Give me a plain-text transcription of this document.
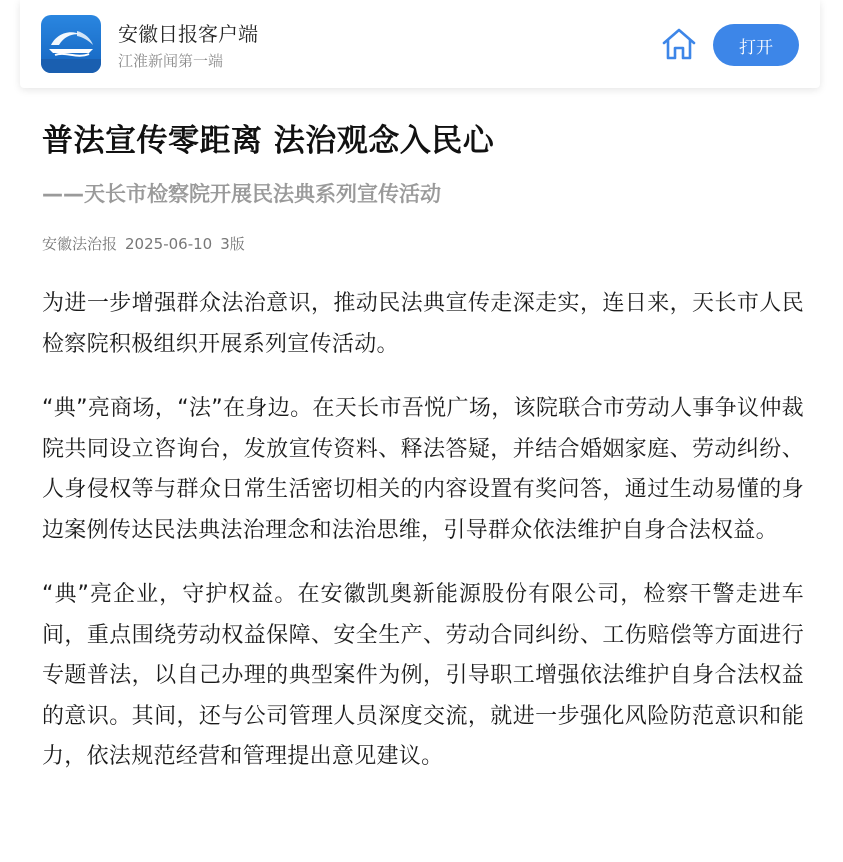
安徽日报客户端
江淮新闻第一端
打开
普法宣传零距离 法治观念入民心
——天长市检察院开展民法典系列宣传活动
安徽法治报 2025-06-10 3版

为进一步增强群众法治意识，推动民法典宣传走深走实，连日来，天长市人民检察院积极组织开展系列宣传活动。

“典”亮商场，“法”在身边。在天长市吾悦广场，该院联合市劳动人事争议仲裁院共同设立咨询台，发放宣传资料、释法答疑，并结合婚姻家庭、劳动纠纷、人身侵权等与群众日常生活密切相关的内容设置有奖问答，通过生动易懂的身边案例传达民法典法治理念和法治思维，引导群众依法维护自身合法权益。

“典”亮企业，守护权益。在安徽凯奥新能源股份有限公司，检察干警走进车间，重点围绕劳动权益保障、安全生产、劳动合同纠纷、工伤赔偿等方面进行专题普法，以自己办理的典型案件为例，引导职工增强依法维护自身合法权益的意识。其间，还与公司管理人员深度交流，就进一步强化风险防范意识和能力，依法规范经营和管理提出意见建议。
